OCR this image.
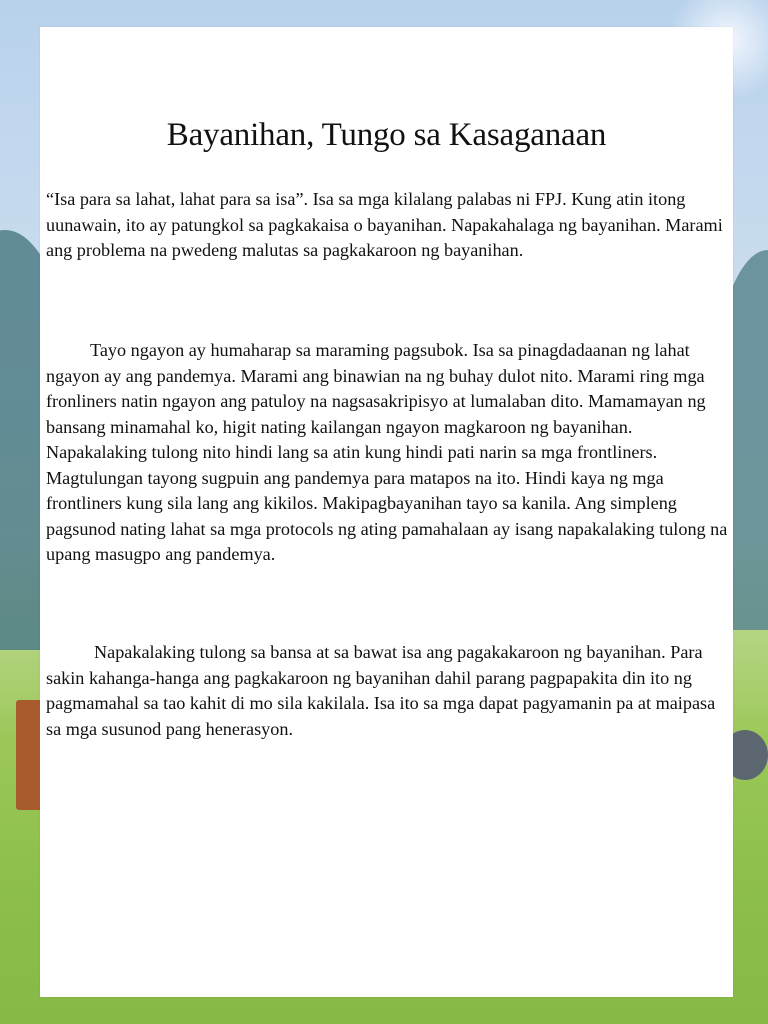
Bayanihan, Tungo sa Kasaganaan

“Isa para sa lahat, lahat para sa isa”. Isa sa mga kilalang palabas ni FPJ. Kung atin itong uunawain, ito ay patungkol sa pagkakaisa o bayanihan. Napakahalaga ng bayanihan. Marami ang problema na pwedeng malutas sa pagkakaroon ng bayanihan.

Tayo ngayon ay humaharap sa maraming pagsubok. Isa sa pinagdadaanan ng lahat ngayon ay ang pandemya. Marami ang binawian na ng buhay dulot nito. Marami ring mga fronliners natin ngayon ang patuloy na nagsasakripisyo at lumalaban dito. Mamamayan ng bansang minamahal ko, higit nating kailangan ngayon magkaroon ng bayanihan. Napakalaking tulong nito hindi lang sa atin kung hindi pati narin sa mga frontliners. Magtulungan tayong sugpuin ang pandemya para matapos na ito. Hindi kaya ng mga frontliners kung sila lang ang kikilos. Makipagbayanihan tayo sa kanila. Ang simpleng pagsunod nating lahat sa mga protocols ng ating pamahalaan ay isang napakalaking tulong na upang masugpo ang pandemya.

Napakalaking tulong sa bansa at sa bawat isa ang pagakakaroon ng bayanihan. Para sakin kahanga-hanga ang pagkakaroon ng bayanihan dahil parang pagpapakita din ito ng pagmamahal sa tao kahit di mo sila kakilala. Isa ito sa mga dapat pagyamanin pa at maipasa sa mga susunod pang henerasyon.
